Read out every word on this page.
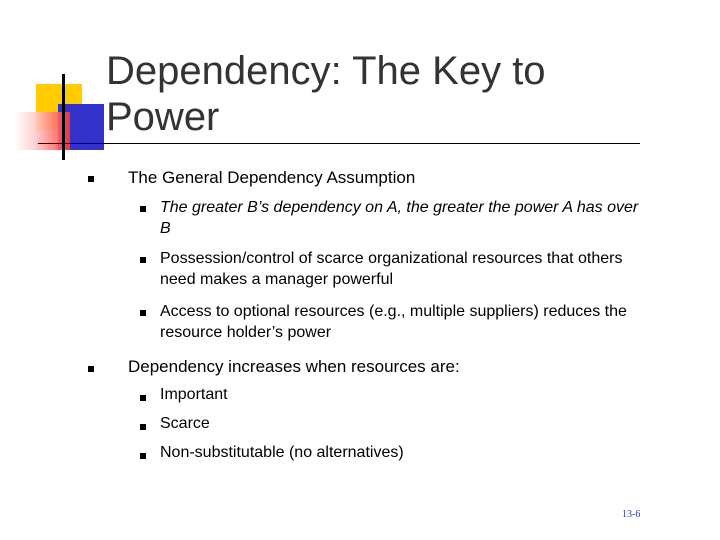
Dependency: The Key to
Power
The General Dependency Assumption
The greater B’s dependency on A, the greater the power A has over
B
Possession/control of scarce organizational resources that others
need makes a manager powerful
Access to optional resources (e.g., multiple suppliers) reduces the
resource holder’s power
Dependency increases when resources are:
Important
Scarce
Non-substitutable (no alternatives)
13-6
